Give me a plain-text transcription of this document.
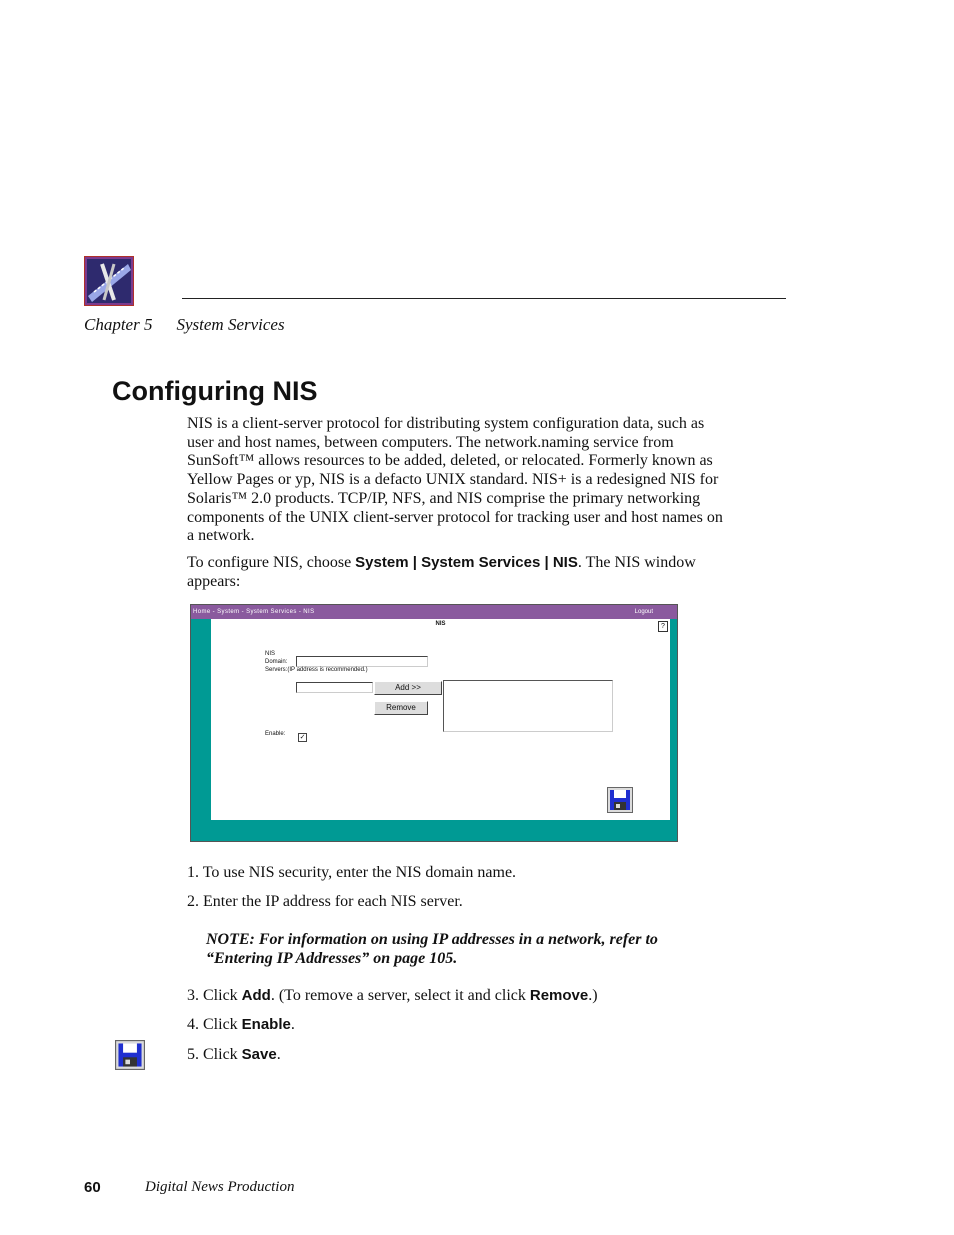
Chapter 5 System Services
Configuring NIS
NIS is a client-server protocol for distributing system configuration data, such as user and host names, between computers. The network.naming service from SunSoft™ allows resources to be added, deleted, or relocated. Formerly known as Yellow Pages or yp, NIS is a defacto UNIX standard. NIS+ is a redesigned NIS for Solaris™ 2.0 products. TCP/IP, NFS, and NIS comprise the primary networking components of the UNIX client-server protocol for tracking user and host names on a network.
To configure NIS, choose System | System Services | NIS. The NIS window appears:
Home - System - System Services - NIS	Logout
NIS	?
NIS
Domain:
Servers:(IP address is recommended.)
Add >>
Remove
Enable: ✓
1. To use NIS security, enter the NIS domain name.
2. Enter the IP address for each NIS server.
NOTE: For information on using IP addresses in a network, refer to “Entering IP Addresses” on page 105.
3. Click Add. (To remove a server, select it and click Remove.)
4. Click Enable.
5. Click Save.
60	Digital News Production
